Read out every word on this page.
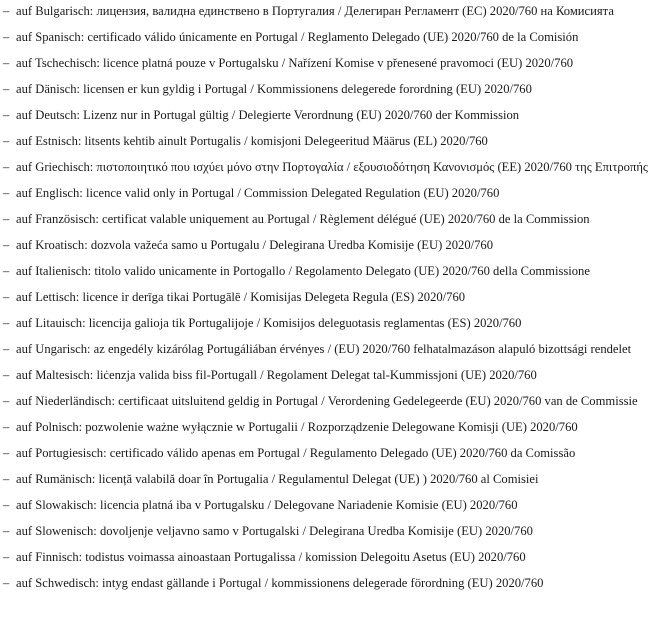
– auf Bulgarisch: лицензия, валидна единствено в Португалия / Делегиран Регламент (ЕС) 2020/760 на Комисията
– auf Spanisch: certificado válido únicamente en Portugal / Reglamento Delegado (UE) 2020/760 de la Comisión
– auf Tschechisch: licence platná pouze v Portugalsku / Nařízení Komise v přenesené pravomoci (EU) 2020/760
– auf Dänisch: licensen er kun gyldig i Portugal / Kommissionens delegerede forordning (EU) 2020/760
– auf Deutsch: Lizenz nur in Portugal gültig / Delegierte Verordnung (EU) 2020/760 der Kommission
– auf Estnisch: litsents kehtib ainult Portugalis / komisjoni Delegeeritud Määrus (EL) 2020/760
– auf Griechisch: πιστοποιητικό που ισχύει μόνο στην Πορτογαλία / εξουσιοδότηση Κανονισμός (ΕΕ) 2020/760 της Επιτροπής
– auf Englisch: licence valid only in Portugal / Commission Delegated Regulation (EU) 2020/760
– auf Französisch: certificat valable uniquement au Portugal / Règlement délégué (UE) 2020/760 de la Commission
– auf Kroatisch: dozvola važeća samo u Portugalu / Delegirana Uredba Komisije (EU) 2020/760
– auf Italienisch: titolo valido unicamente in Portogallo / Regolamento Delegato (UE) 2020/760 della Commissione
– auf Lettisch: licence ir derīga tikai Portugālē / Komisijas Delegeta Regula (ES) 2020/760
– auf Litauisch: licencija galioja tik Portugalijoje / Komisijos deleguotasis reglamentas (ES) 2020/760
– auf Ungarisch: az engedély kizárólag Portugáliában érvényes / (EU) 2020/760 felhatalmazáson alapuló bizottsági rendelet
– auf Maltesisch: liċenzja valida biss fil-Portugall / Regolament Delegat tal-Kummissjoni (UE) 2020/760
– auf Niederländisch: certificaat uitsluitend geldig in Portugal / Verordening Gedelegeerde (EU) 2020/760 van de Commissie
– auf Polnisch: pozwolenie ważne wyłącznie w Portugalii / Rozporządzenie Delegowane Komisji (UE) 2020/760
– auf Portugiesisch: certificado válido apenas em Portugal / Regulamento Delegado (UE) 2020/760 da Comissão
– auf Rumänisch: licență valabilă doar în Portugalia / Regulamentul Delegat (UE) ) 2020/760 al Comisiei
– auf Slowakisch: licencia platná iba v Portugalsku / Delegovane Nariadenie Komisie (EU) 2020/760
– auf Slowenisch: dovoljenje veljavno samo v Portugalski / Delegirana Uredba Komisije (EU) 2020/760
– auf Finnisch: todistus voimassa ainoastaan Portugalissa / komission Delegoitu Asetus (EU) 2020/760
– auf Schwedisch: intyg endast gällande i Portugal / kommissionens delegerade förordning (EU) 2020/760
